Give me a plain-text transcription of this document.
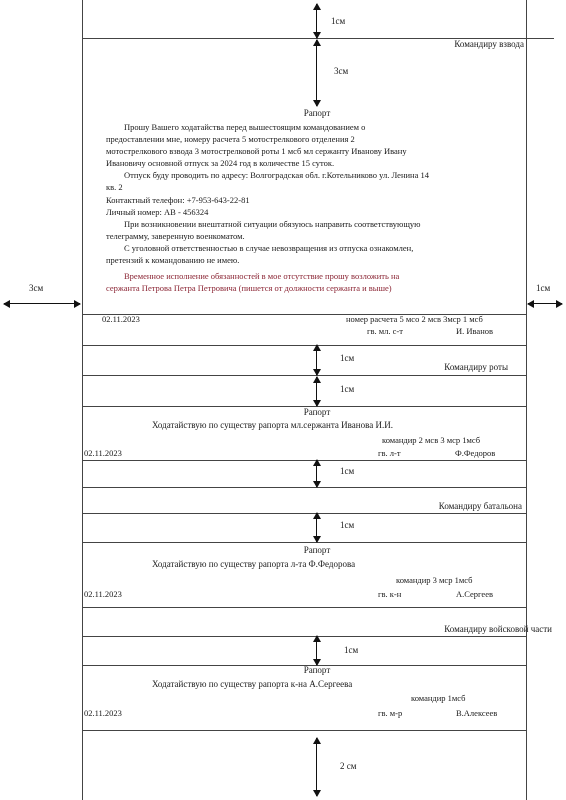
1см
3см
3см	1см
1см
1см
1см
1см
1см
2 см
Командиру взвода
Рапорт
Прошу Вашего ходатайства перед вышестоящим командованием о
предоставлении мне, номеру расчета 5 мотострелкового отделения 2
мотострелкового взвода 3 мотострелковой роты 1 мсб мл сержанту Иванову Ивану
Ивановичу основной отпуск за 2024 год в количестве 15 суток.
Отпуск буду проводить по адресу: Волгоградская обл. г.Котельниково ул. Ленина 14
кв. 2
Контактный телефон: +7-953-643-22-81
Личный номер: АВ - 456324
При возникновении внештатной ситуации обязуюсь направить соответствующую
телеграмму, заверенную военкоматом.
С уголовной ответственностью в случае невозвращения из отпуска ознакомлен,
претензий к командованию не имею.
Временное исполнение обязанностей в мое отсутствие прошу возложить на
сержанта Петрова Петра Петровича (пишется от должности сержанта и выше)
02.11.2023	номер расчета 5 мсо 2 мсв 3мср 1 мсб
гв. мл. с-т	И. Иванов
Командиру роты
Рапорт
Ходатайствую по существу рапорта мл.сержанта Иванова И.И.
командир 2 мсв 3 мср 1мсб
02.11.2023	гв. л-т	Ф.Федоров
Командиру батальона
Рапорт
Ходатайствую по существу рапорта л-та Ф.Федорова
командир 3 мср 1мсб
02.11.2023	гв. к-н	А.Сергеев
Командиру войсковой части
Рапорт
Ходатайствую по существу рапорта к-на А.Сергеева
командир 1мсб
02.11.2023	гв. м-р	В.Алексеев
